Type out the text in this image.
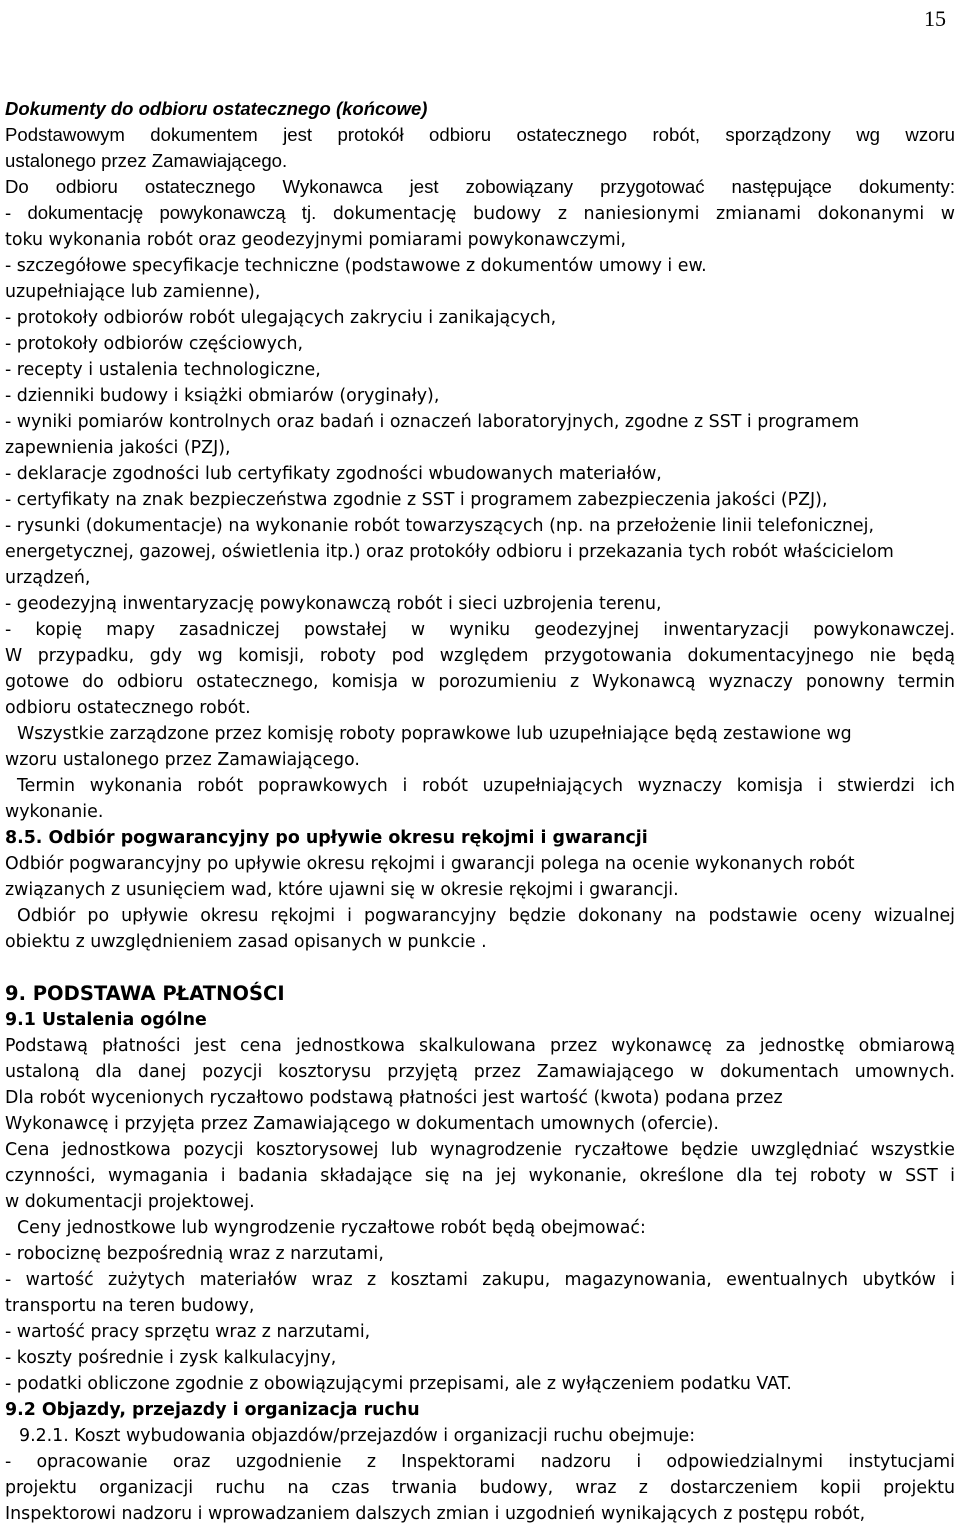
15
Dokumenty do odbioru ostatecznego (końcowe)
Podstawowym dokumentem jest protokół odbioru ostatecznego robót, sporządzony wg wzoru
ustalonego przez Zamawiającego.
Do odbioru ostatecznego Wykonawca jest zobowiązany przygotować następujące dokumenty:
- dokumentację powykonawczą tj. dokumentację budowy z naniesionymi zmianami dokonanymi w
toku wykonania robót oraz geodezyjnymi pomiarami powykonawczymi,
- szczegółowe specyfikacje techniczne (podstawowe z dokumentów umowy i ew.
uzupełniające lub zamienne),
- protokoły odbiorów robót ulegających zakryciu i zanikających,
- protokoły odbiorów częściowych,
- recepty i ustalenia technologiczne,
- dzienniki budowy i książki obmiarów (oryginały),
- wyniki pomiarów kontrolnych oraz badań i oznaczeń laboratoryjnych, zgodne z SST i programem
zapewnienia jakości (PZJ),
- deklaracje zgodności lub certyfikaty zgodności wbudowanych materiałów,
- certyfikaty na znak bezpieczeństwa zgodnie z SST i programem zabezpieczenia jakości (PZJ),
- rysunki (dokumentacje) na wykonanie robót towarzyszących (np. na przełożenie linii telefonicznej,
energetycznej, gazowej, oświetlenia itp.) oraz protokóły odbioru i przekazania tych robót właścicielom
urządzeń,
- geodezyjną inwentaryzację powykonawczą robót i sieci uzbrojenia terenu,
- kopię mapy zasadniczej powstałej w wyniku geodezyjnej inwentaryzacji powykonawczej.
W przypadku, gdy wg komisji, roboty pod względem przygotowania dokumentacyjnego nie będą
gotowe do odbioru ostatecznego, komisja w porozumieniu z Wykonawcą wyznaczy ponowny termin
odbioru ostatecznego robót.
Wszystkie zarządzone przez komisję roboty poprawkowe lub uzupełniające będą zestawione wg
wzoru ustalonego przez Zamawiającego.
Termin wykonania robót poprawkowych i robót uzupełniających wyznaczy komisja i stwierdzi ich
wykonanie.
8.5. Odbiór pogwarancyjny po upływie okresu rękojmi i gwarancji
Odbiór pogwarancyjny po upływie okresu rękojmi i gwarancji polega na ocenie wykonanych robót
związanych z usunięciem wad, które ujawni się w okresie rękojmi i gwarancji.
Odbiór po upływie okresu rękojmi i pogwarancyjny będzie dokonany na podstawie oceny wizualnej
obiektu z uwzględnieniem zasad opisanych w punkcie .
9. PODSTAWA PŁATNOŚCI
9.1 Ustalenia ogólne
Podstawą płatności jest cena jednostkowa skalkulowana przez wykonawcę za jednostkę obmiarową
ustaloną dla danej pozycji kosztorysu przyjętą przez Zamawiającego w dokumentach umownych.
Dla robót wycenionych ryczałtowo podstawą płatności jest wartość (kwota) podana przez
Wykonawcę i przyjęta przez Zamawiającego w dokumentach umownych (ofercie).
Cena jednostkowa pozycji kosztorysowej lub wynagrodzenie ryczałtowe będzie uwzględniać wszystkie
czynności, wymagania i badania składające się na jej wykonanie, określone dla tej roboty w SST i
w dokumentacji projektowej.
Ceny jednostkowe lub wyngrodzenie ryczałtowe robót będą obejmować:
- robociznę bezpośrednią wraz z narzutami,
- wartość zużytych materiałów wraz z kosztami zakupu, magazynowania, ewentualnych ubytków i
transportu na teren budowy,
- wartość pracy sprzętu wraz z narzutami,
- koszty pośrednie i zysk kalkulacyjny,
- podatki obliczone zgodnie z obowiązującymi przepisami, ale z wyłączeniem podatku VAT.
9.2 Objazdy, przejazdy i organizacja ruchu
9.2.1. Koszt wybudowania objazdów/przejazdów i organizacji ruchu obejmuje:
- opracowanie oraz uzgodnienie z Inspektorami nadzoru i odpowiedzialnymi instytucjami
projektu organizacji ruchu na czas trwania budowy, wraz z dostarczeniem kopii projektu
Inspektorowi nadzoru i wprowadzaniem dalszych zmian i uzgodnień wynikających z postępu robót,
